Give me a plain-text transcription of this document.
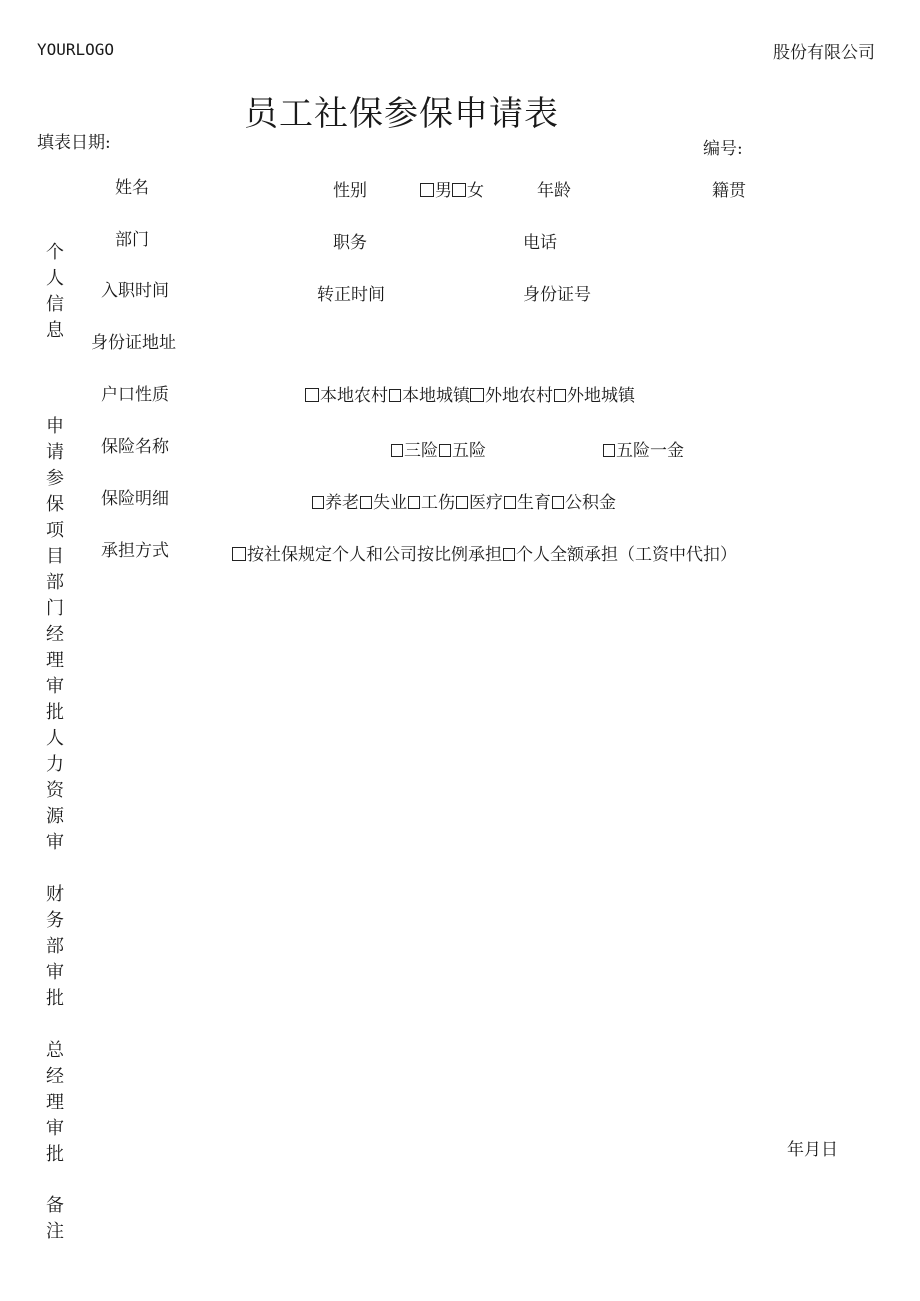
YOURLOGO	股份有限公司
员工社保参保申请表
填表日期:	编号:
个人信息
申请参保项目
部门经理审批
人力资源审
财务部审批
总经理审批
备注
姓名	性别	男 女	年龄	籍贯
部门	职务	电话
入职时间	转正时间	身份证号
身份证地址
户口性质	本地农村 本地城镇 外地农村 外地城镇
保险名称	三险 五险	五险一金
保险明细	养老 失业 工伤 医疗 生育 公积金
承担方式	按社保规定个人和公司按比例承担 个人全额承担（工资中代扣）
年月日
